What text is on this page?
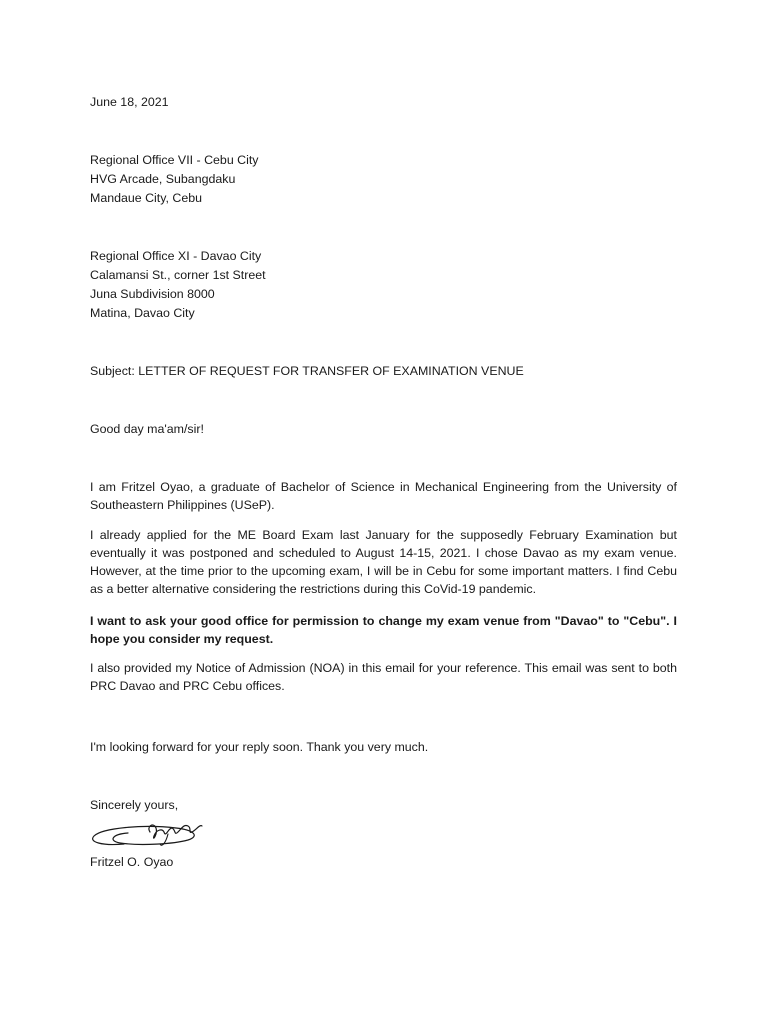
June 18, 2021
Regional Office VII - Cebu City
HVG Arcade, Subangdaku
Mandaue City, Cebu
Regional Office XI - Davao City
Calamansi St., corner 1st Street
Juna Subdivision 8000
Matina, Davao City
Subject: LETTER OF REQUEST FOR TRANSFER OF EXAMINATION VENUE
Good day ma'am/sir!
I am Fritzel Oyao, a graduate of Bachelor of Science in Mechanical Engineering from the University of Southeastern Philippines (USeP).
I already applied for the ME Board Exam last January for the supposedly February Examination but eventually it was postponed and scheduled to August 14-15, 2021. I chose Davao as my exam venue. However, at the time prior to the upcoming exam, I will be in Cebu for some important matters. I find Cebu as a better alternative considering the restrictions during this CoVid-19 pandemic.
I want to ask your good office for permission to change my exam venue from "Davao" to "Cebu". I hope you consider my request.
I also provided my Notice of Admission (NOA) in this email for your reference. This email was sent to both PRC Davao and PRC Cebu offices.
I'm looking forward for your reply soon. Thank you very much.
Sincerely yours,
Fritzel O. Oyao
